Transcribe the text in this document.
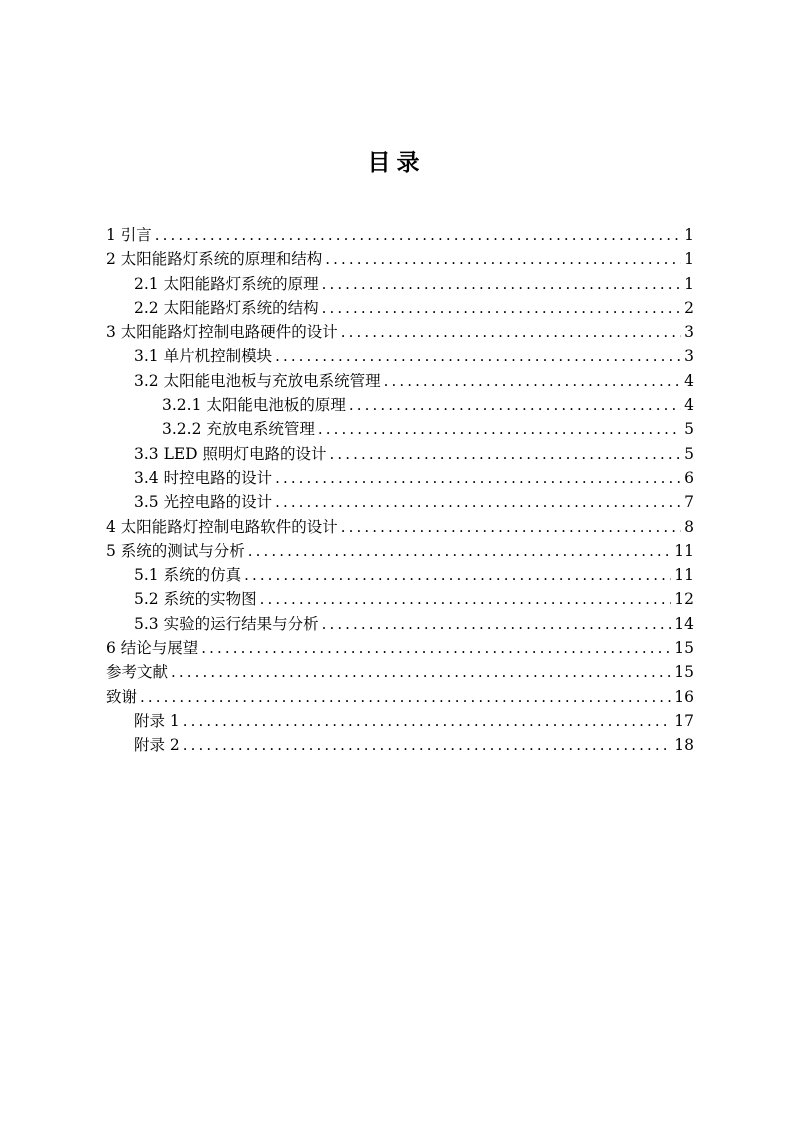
目录
1 引言 .....	1
2 太阳能路灯系统的原理和结构 .....	1
2.1 太阳能路灯系统的原理 .....	1
2.2 太阳能路灯系统的结构 .....	2
3 太阳能路灯控制电路硬件的设计 .....	3
3.1 单片机控制模块 .....	3
3.2 太阳能电池板与充放电系统管理 .....	4
3.2.1 太阳能电池板的原理 .....	4
3.2.2 充放电系统管理 .....	5
3.3 LED 照明灯电路的设计 .....	5
3.4 时控电路的设计 .....	6
3.5 光控电路的设计 .....	7
4 太阳能路灯控制电路软件的设计 .....	8
5 系统的测试与分析 .....	11
5.1 系统的仿真 .....	11
5.2 系统的实物图 .....	12
5.3 实验的运行结果与分析 .....	14
6 结论与展望 .....	15
参考文献 .....	15
致谢 .....	16
附录 1 .....	17
附录 2 .....	18
